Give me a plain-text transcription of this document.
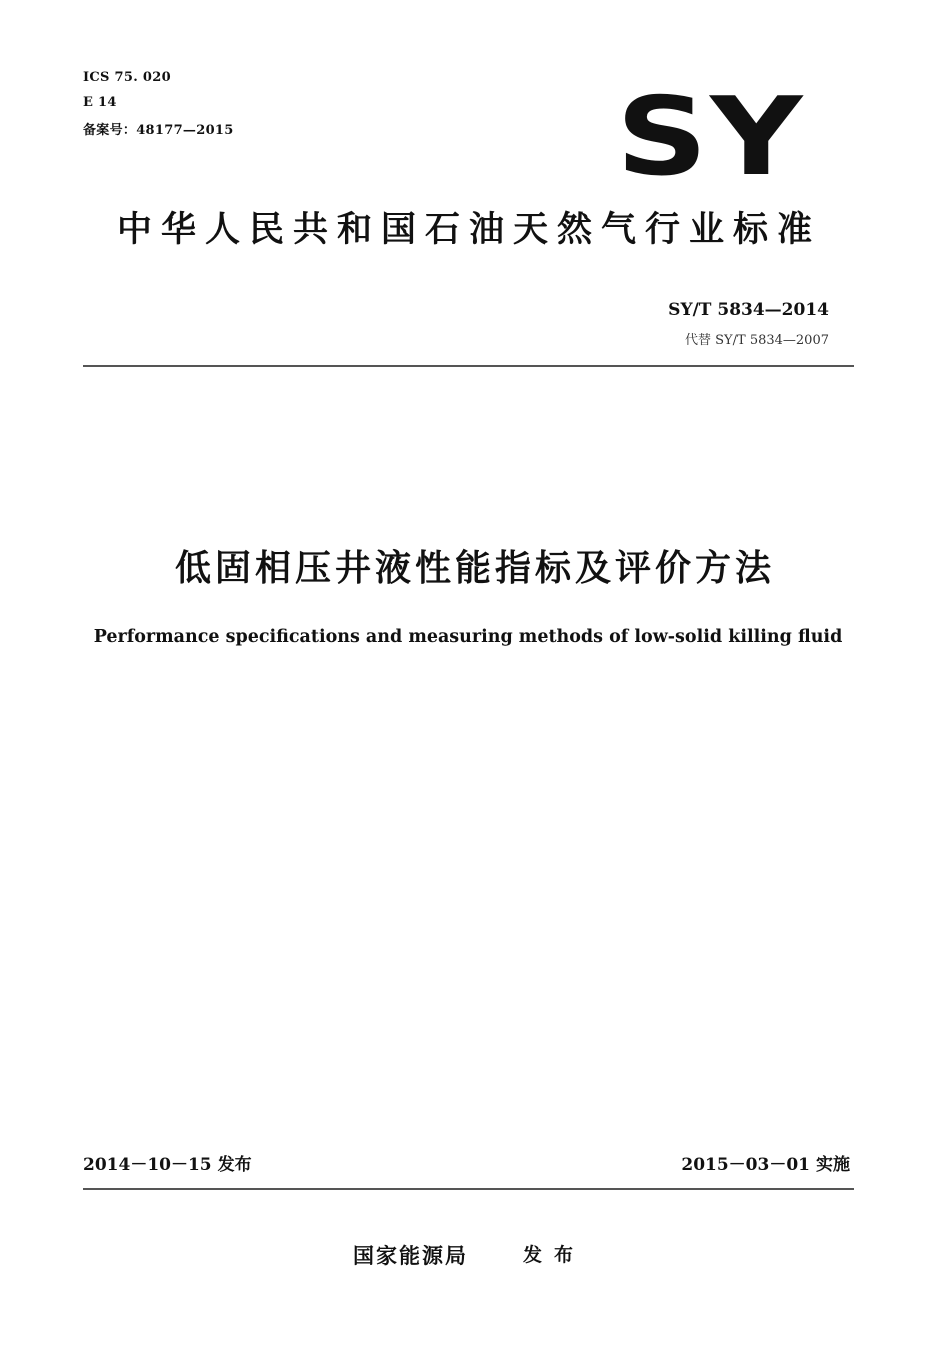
ICS 75. 020
E 14
备案号：48177—2015	SY
中华人民共和国石油天然气行业标准
SY/T 5834—2014
代替 SY/T 5834—2007
低固相压井液性能指标及评价方法
Performance specifications and measuring methods of low-solid killing fluid
2014－10－15 发布	2015－03－01 实施
国家能源局	发布
